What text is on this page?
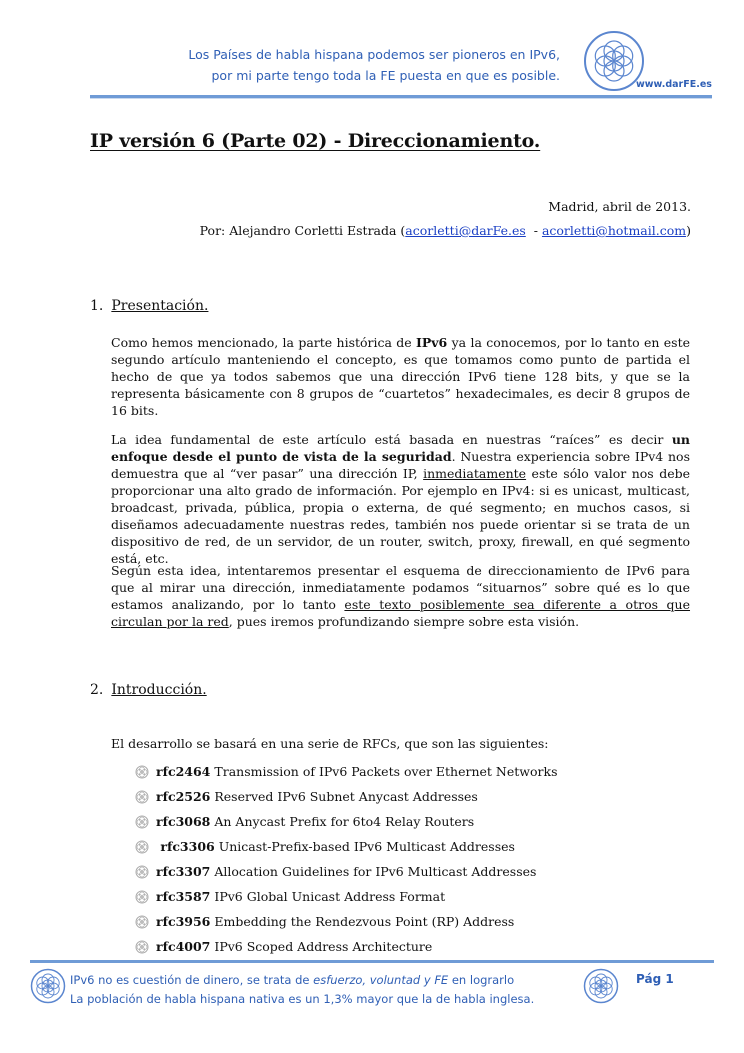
Los Países de habla hispana podemos ser pioneros en IPv6,
por mi parte tengo toda la FE puesta en que es posible.
www.darFE.es
IP versión 6 (Parte 02) - Direccionamiento.
Madrid, abril de 2013.
Por: Alejandro Corletti Estrada (acorletti@darFe.es  - acorletti@hotmail.com)
1. Presentación.

Como hemos mencionado, la parte histórica de IPv6 ya la conocemos, por lo tanto en este segundo artículo manteniendo el concepto, es que tomamos como punto de partida el hecho de que ya todos sabemos que una dirección IPv6 tiene 128 bits, y que se la representa básicamente con 8 grupos de “cuartetos” hexadecimales, es decir 8 grupos de 16 bits.

La idea fundamental de este artículo está basada en nuestras “raíces” es decir un enfoque desde el punto de vista de la seguridad. Nuestra experiencia sobre IPv4 nos demuestra que al “ver pasar” una dirección IP, inmediatamente este sólo valor nos debe proporcionar una alto grado de información. Por ejemplo en IPv4: si es unicast, multicast, broadcast, privada, pública, propia o externa, de qué segmento; en muchos casos, si diseñamos adecuadamente nuestras redes, también nos puede orientar si se trata de un dispositivo de red, de un servidor, de un router, switch, proxy, firewall, en qué segmento está, etc.

Según esta idea, intentaremos presentar el esquema de direccionamiento de IPv6 para que al mirar una dirección, inmediatamente podamos “situarnos” sobre qué es lo que estamos analizando, por lo tanto este texto posiblemente sea diferente a otros que circulan por la red, pues iremos profundizando siempre sobre esta visión.

2. Introducción.
El desarrollo se basará en una serie de RFCs, que son las siguientes:
rfc2464 Transmission of IPv6 Packets over Ethernet Networks
rfc2526 Reserved IPv6 Subnet Anycast Addresses
rfc3068 An Anycast Prefix for 6to4 Relay Routers
rfc3306 Unicast-Prefix-based IPv6 Multicast Addresses
rfc3307 Allocation Guidelines for IPv6 Multicast Addresses
rfc3587 IPv6 Global Unicast Address Format
rfc3956 Embedding the Rendezvous Point (RP) Address
rfc4007 IPv6 Scoped Address Architecture
IPv6 no es cuestión de dinero, se trata de esfuerzo, voluntad y FE en lograrlo
La población de habla hispana nativa es un 1,3% mayor que la de habla inglesa.
Pág 1
